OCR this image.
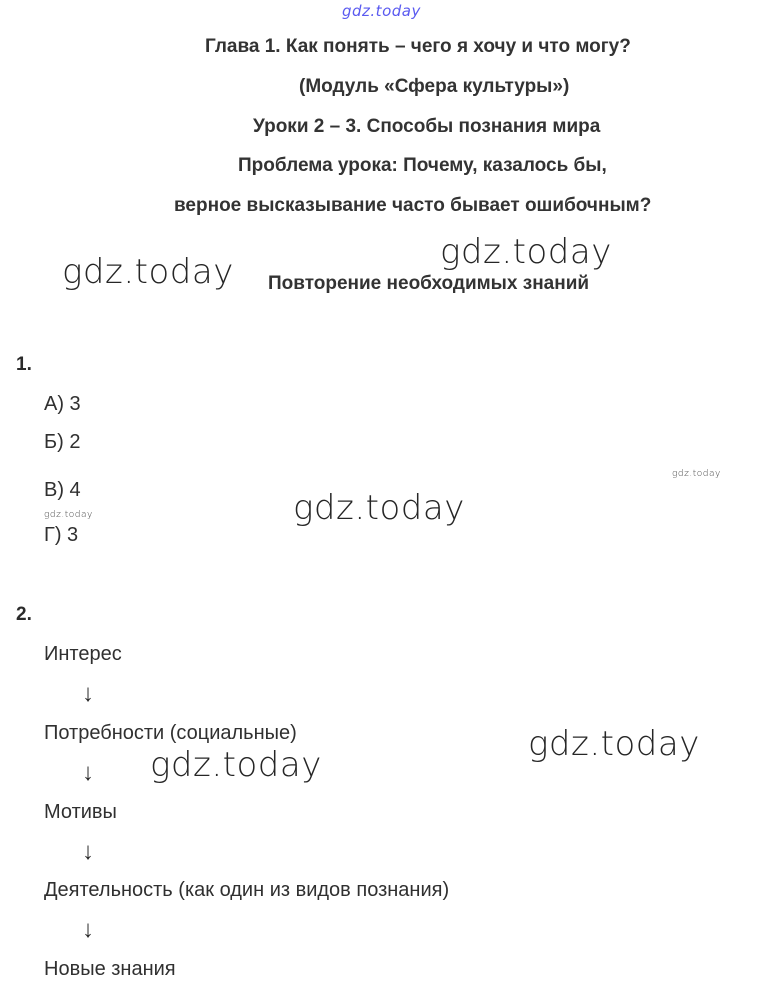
gdz.today
gdz.today
gdz.today
gdz.today
gdz.today
gdz.today
gdz.today
gdz.today
Глава 1. Как понять – чего я хочу и что могу?
(Модуль «Сфера культуры»)
Уроки 2 – 3. Способы познания мира
Проблема урока: Почему, казалось бы,
верное высказывание часто бывает ошибочным?
Повторение необходимых знаний
1.
А) 3
Б) 2
В) 4
Г) 3
2.
Интерес
↓
Потребности (социальные)
↓
Мотивы
↓
Деятельность (как один из видов познания)
↓
Новые знания
